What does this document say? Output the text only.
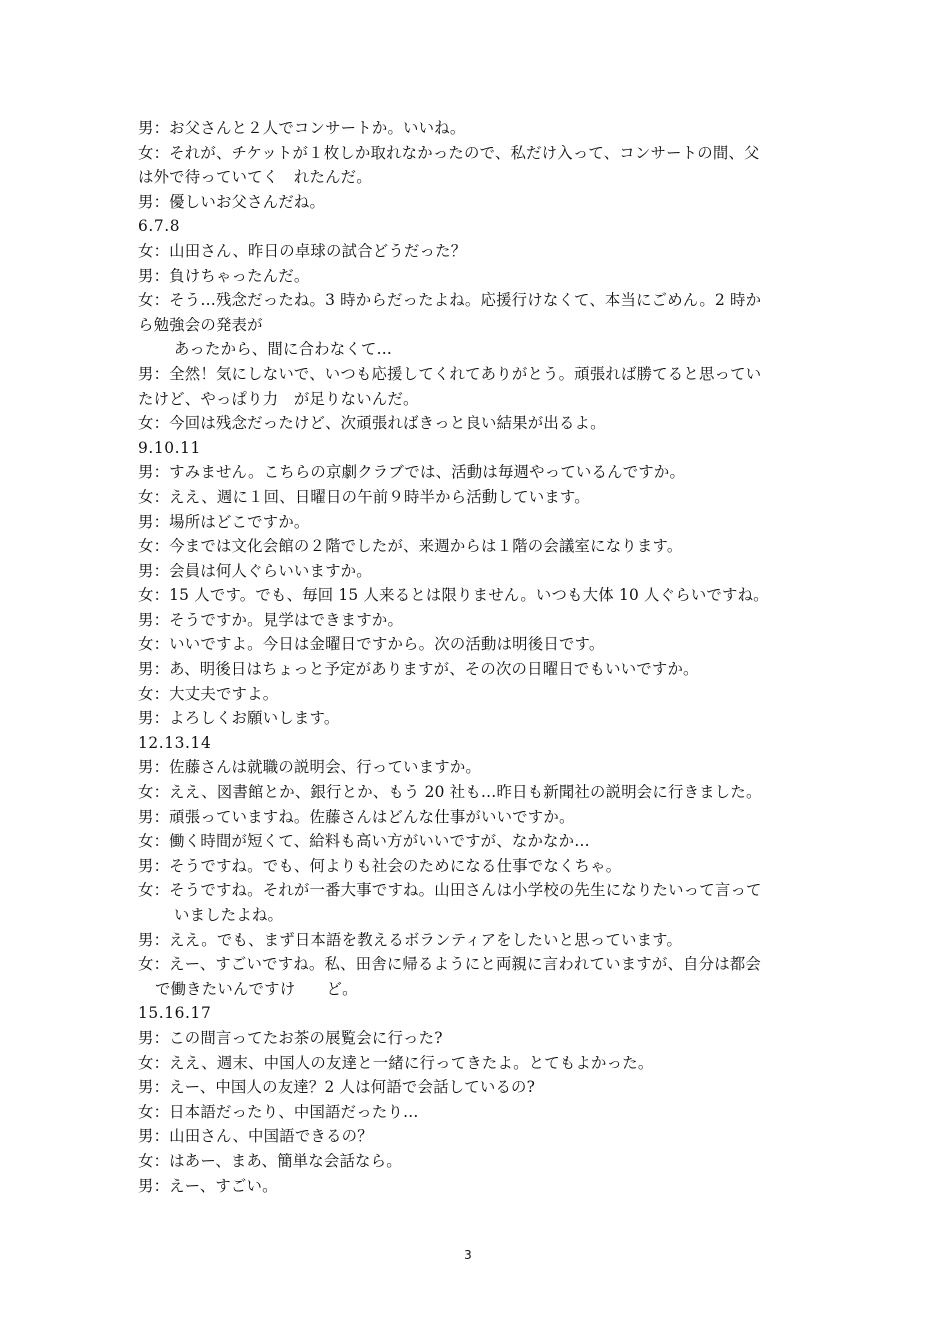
男：お父さんと２人でコンサートか。いいね。
女：それが、チケットが１枚しか取れなかったので、私だけ入って、コンサートの間、父
は外で待っていてく　れたんだ。
男：優しいお父さんだね。
6.7.8
女：山田さん、昨日の卓球の試合どうだった？
男：負けちゃったんだ。
女：そう…残念だったね。3 時からだったよね。応援行けなくて、本当にごめん。2 時か
ら勉強会の発表が
あったから、間に合わなくて…
男：全然！気にしないで、いつも応援してくれてありがとう。頑張れば勝てると思ってい
たけど、やっぱり力　が足りないんだ。
女：今回は残念だったけど、次頑張ればきっと良い結果が出るよ。
9.10.11
男：すみません。こちらの京劇クラブでは、活動は毎週やっているんですか。
女：ええ、週に１回、日曜日の午前９時半から活動しています。
男：場所はどこですか。
女：今までは文化会館の２階でしたが、来週からは１階の会議室になります。
男：会員は何人ぐらいいますか。
女：15 人です。でも、毎回 15 人来るとは限りません。いつも大体 10 人ぐらいですね。
男：そうですか。見学はできますか。
女：いいですよ。今日は金曜日ですから。次の活動は明後日です。
男：あ、明後日はちょっと予定がありますが、その次の日曜日でもいいですか。
女：大丈夫ですよ。
男：よろしくお願いします。
12.13.14
男：佐藤さんは就職の説明会、行っていますか。
女：ええ、図書館とか、銀行とか、もう 20 社も…昨日も新聞社の説明会に行きました。
男：頑張っていますね。佐藤さんはどんな仕事がいいですか。
女：働く時間が短くて、給料も高い方がいいですが、なかなか…
男：そうですね。でも、何よりも社会のためになる仕事でなくちゃ。
女：そうですね。それが一番大事ですね。山田さんは小学校の先生になりたいって言って
いましたよね。
男：ええ。でも、まず日本語を教えるボランティアをしたいと思っています。
女：えー、すごいですね。私、田舎に帰るようにと両親に言われていますが、自分は都会
で働きたいんですけ　　ど。
15.16.17
男：この間言ってたお茶の展覧会に行った?
女：ええ、週末、中国人の友達と一緒に行ってきたよ。とてもよかった。
男：えー、中国人の友達？2 人は何語で会話しているの?
女：日本語だったり、中国語だったり…
男：山田さん、中国語できるの？
女：はあー、まあ、簡単な会話なら。
男：えー、すごい。
3
